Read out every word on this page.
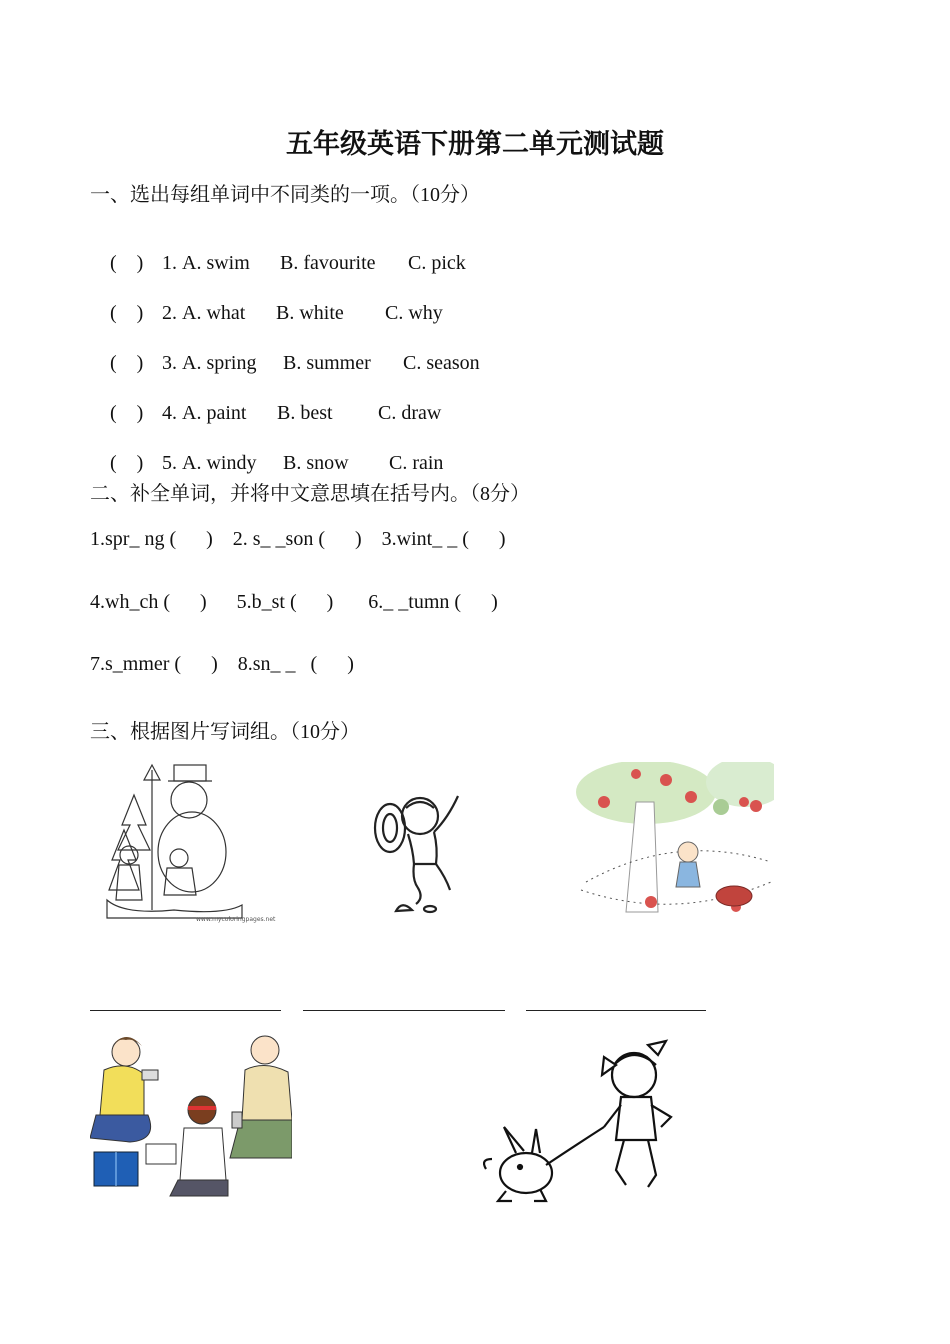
五年级英语下册第二单元测试题
一、选出每组单词中不同类的一项。（10分）

(    ) 1. A. swim B. favourite C. pick

(    ) 2. A. what B. white C. why

(    ) 3. A. spring B. summer C. season

(    ) 4. A. paint B. best C. draw

(    ) 5. A. windy B. snow C. rain

二、补全单词，并将中文意思填在括号内。（8分）
1.spr_ ng (      )    2. s_ _son (      )    3.wint_ _ (      )
4.wh_ch (      )      5.b_st (      )       6._ _tumn (      )
7.s_mmer (      )    8.sn_ _   (      )
三、根据图片写词组。（10分）
www.mycoloringpages.net
